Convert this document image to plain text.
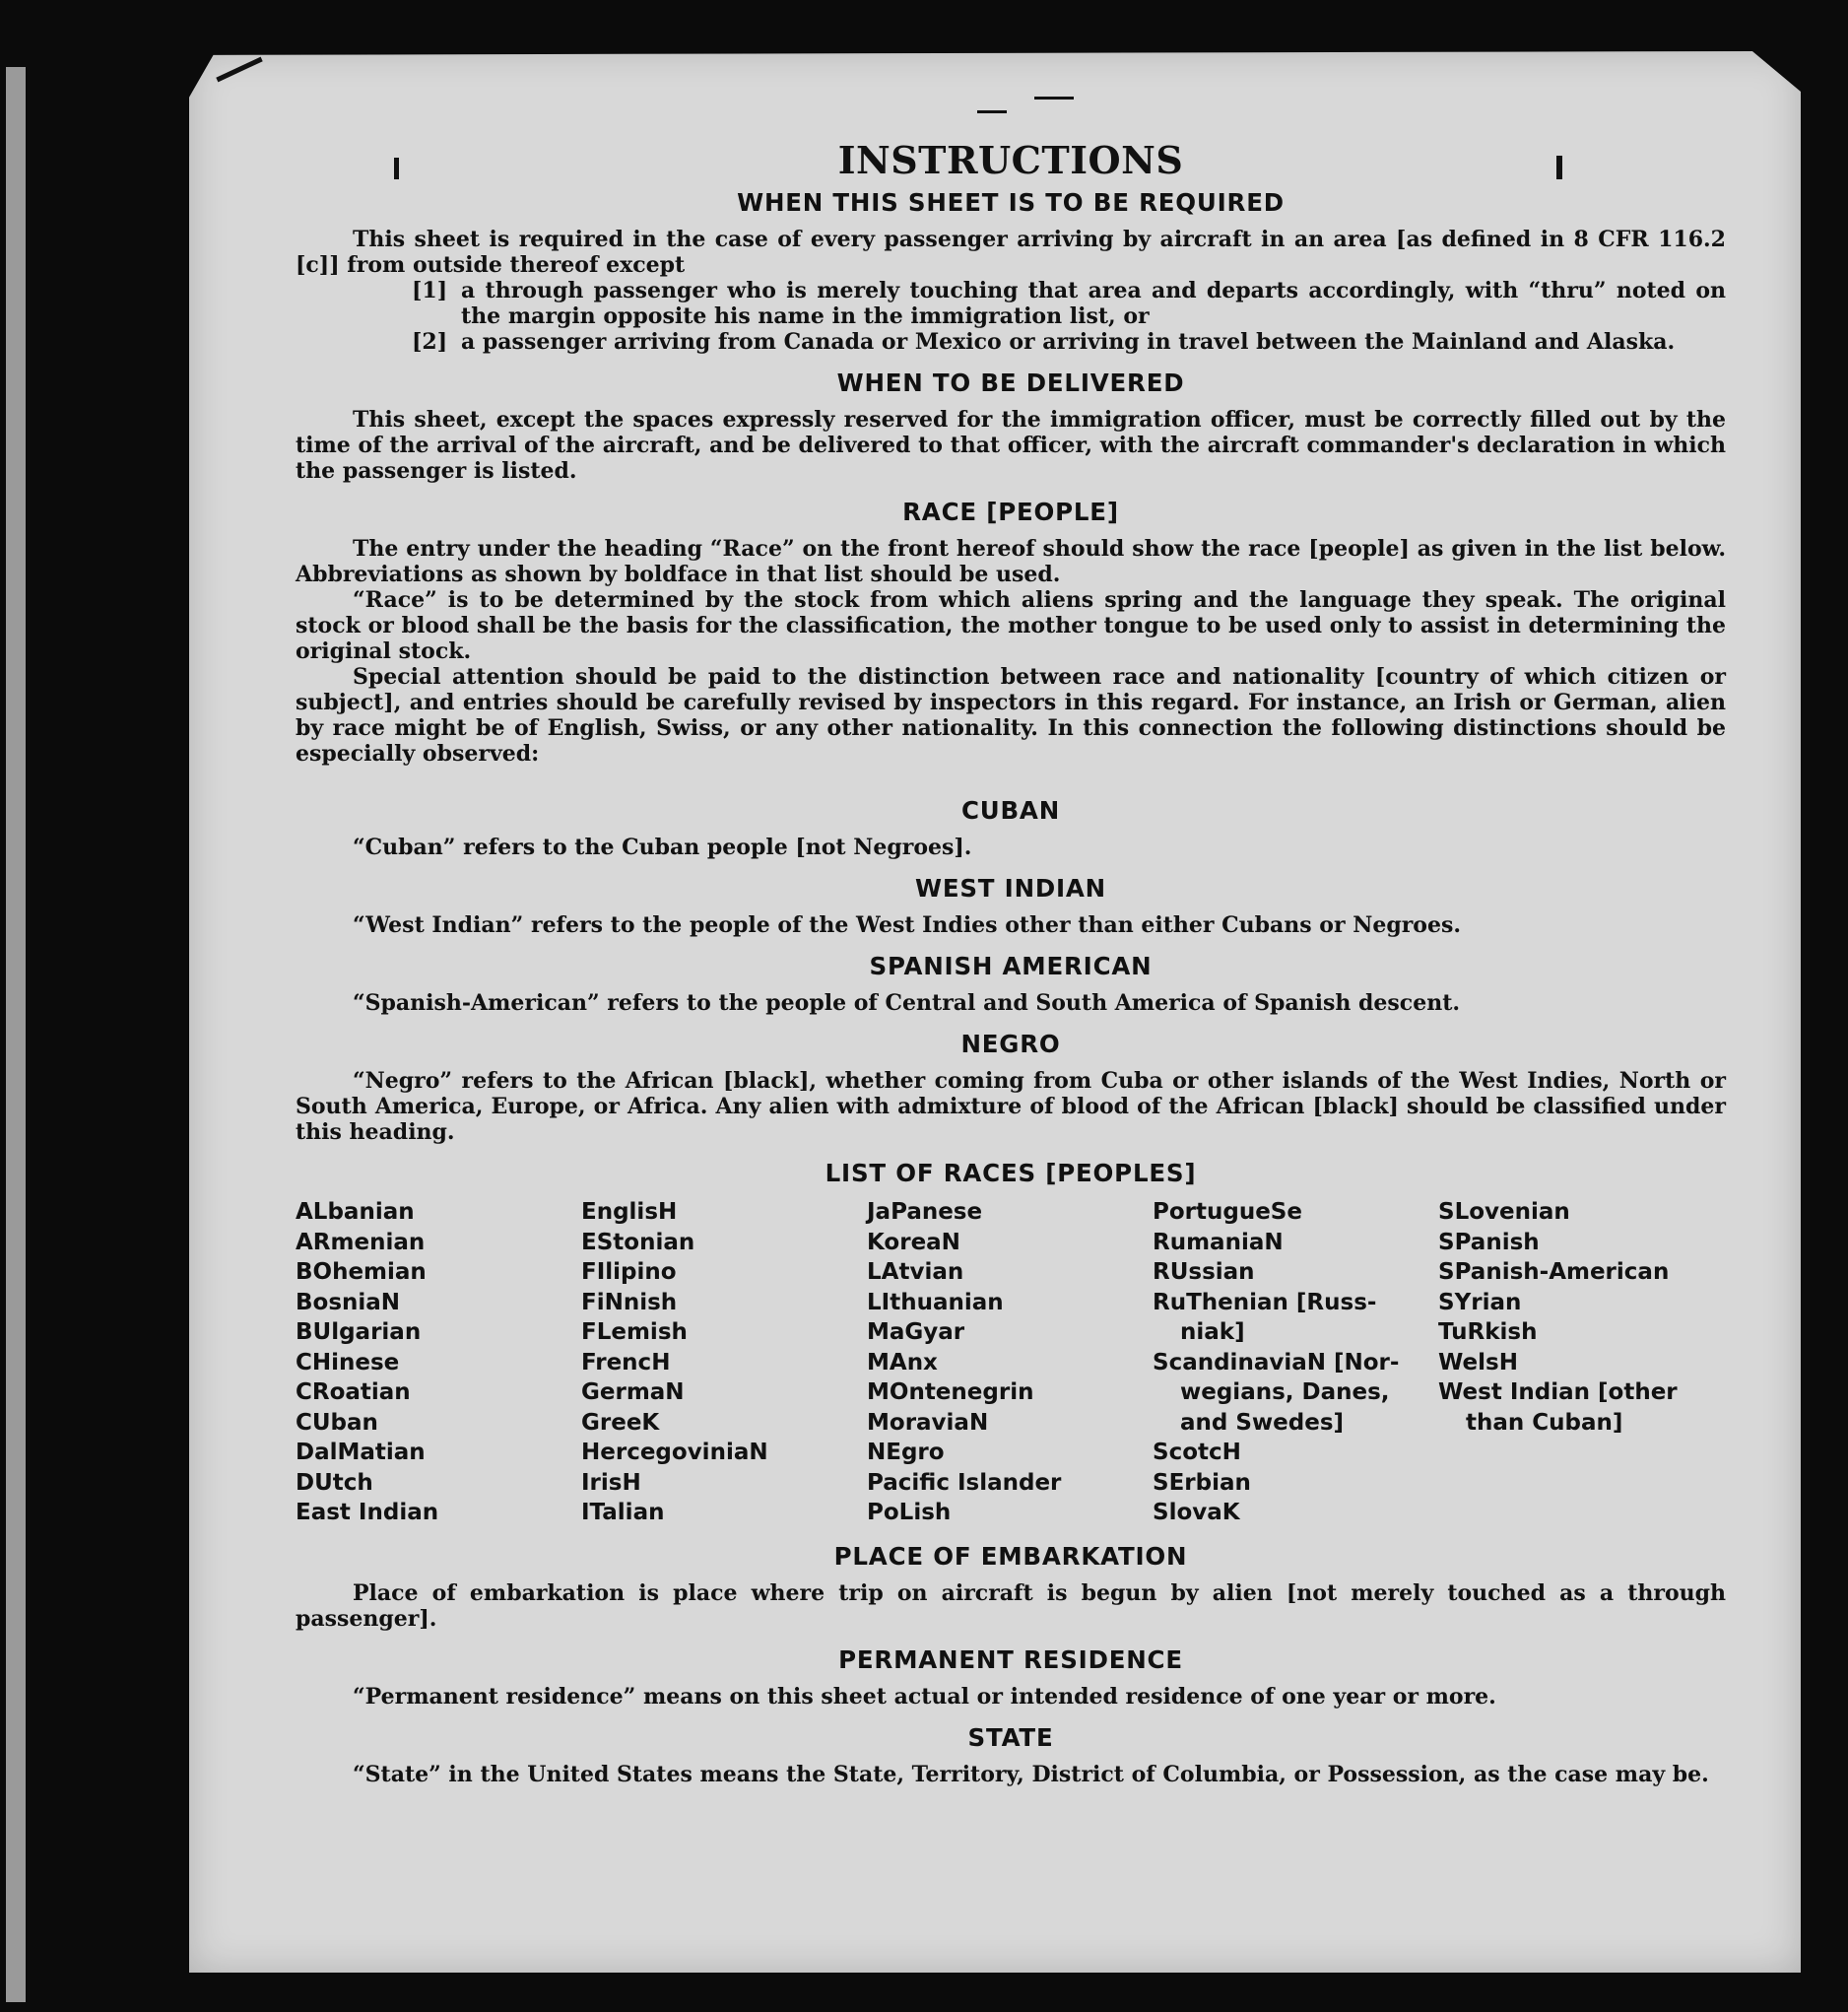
INSTRUCTIONS
WHEN THIS SHEET IS TO BE REQUIRED

This sheet is required in the case of every passenger arriving by aircraft in an area [as defined in 8 CFR 116.2 [c]] from outside thereof except

[1] a through passenger who is merely touching that area and departs accordingly, with “thru” noted on the margin opposite his name in the immigration list, or
[2] a passenger arriving from Canada or Mexico or arriving in travel between the Mainland and Alaska.
WHEN TO BE DELIVERED

This sheet, except the spaces expressly reserved for the immigration officer, must be correctly filled out by the time of the arrival of the aircraft, and be delivered to that officer, with the aircraft commander's declaration in which the passenger is listed.

RACE [PEOPLE]

The entry under the heading “Race” on the front hereof should show the race [people] as given in the list below. Abbreviations as shown by boldface in that list should be used.

“Race” is to be determined by the stock from which aliens spring and the language they speak. The original stock or blood shall be the basis for the classification, the mother tongue to be used only to assist in determining the original stock.

Special attention should be paid to the distinction between race and nationality [country of which citizen or subject], and entries should be carefully revised by inspectors in this regard. For instance, an Irish or German, alien by race might be of English, Swiss, or any other nationality. In this connection the following distinctions should be especially observed:

CUBAN

“Cuban” refers to the Cuban people [not Negroes].

WEST INDIAN

“West Indian” refers to the people of the West Indies other than either Cubans or Negroes.

SPANISH AMERICAN

“Spanish-American” refers to the people of Central and South America of Spanish descent.

NEGRO

“Negro” refers to the African [black], whether coming from Cuba or other islands of the West Indies, North or South America, Europe, or Africa. Any alien with admixture of blood of the African [black] should be classified under this heading.

LIST OF RACES [PEOPLES]
ALbanian
ARmenian
BOhemian
BosniaN
BUlgarian
CHinese
CRoatian
CUban
DalMatian
DUtch
East Indian
EnglisH
EStonian
FIlipino
FiNnish
FLemish
FrencH
GermaN
GreeK
HercegoviniaN
IrisH
ITalian
JaPanese
KoreaN
LAtvian
LIthuanian
MaGyar
MAnx
MOntenegrin
MoraviaN
NEgro
Pacific Islander
PoLish
PortugueSe
RumaniaN
RUssian
RuThenian [Russ-
niak]
ScandinaviaN [Nor-
wegians, Danes,
and Swedes]
ScotcH
SErbian
SlovaK
SLovenian
SPanish
SPanish-American
SYrian
TuRkish
WelsH
West Indian [other
than Cuban]
PLACE OF EMBARKATION

Place of embarkation is place where trip on aircraft is begun by alien [not merely touched as a through passenger].

PERMANENT RESIDENCE

“Permanent residence” means on this sheet actual or intended residence of one year or more.

STATE

“State” in the United States means the State, Territory, District of Columbia, or Possession, as the case may be.
